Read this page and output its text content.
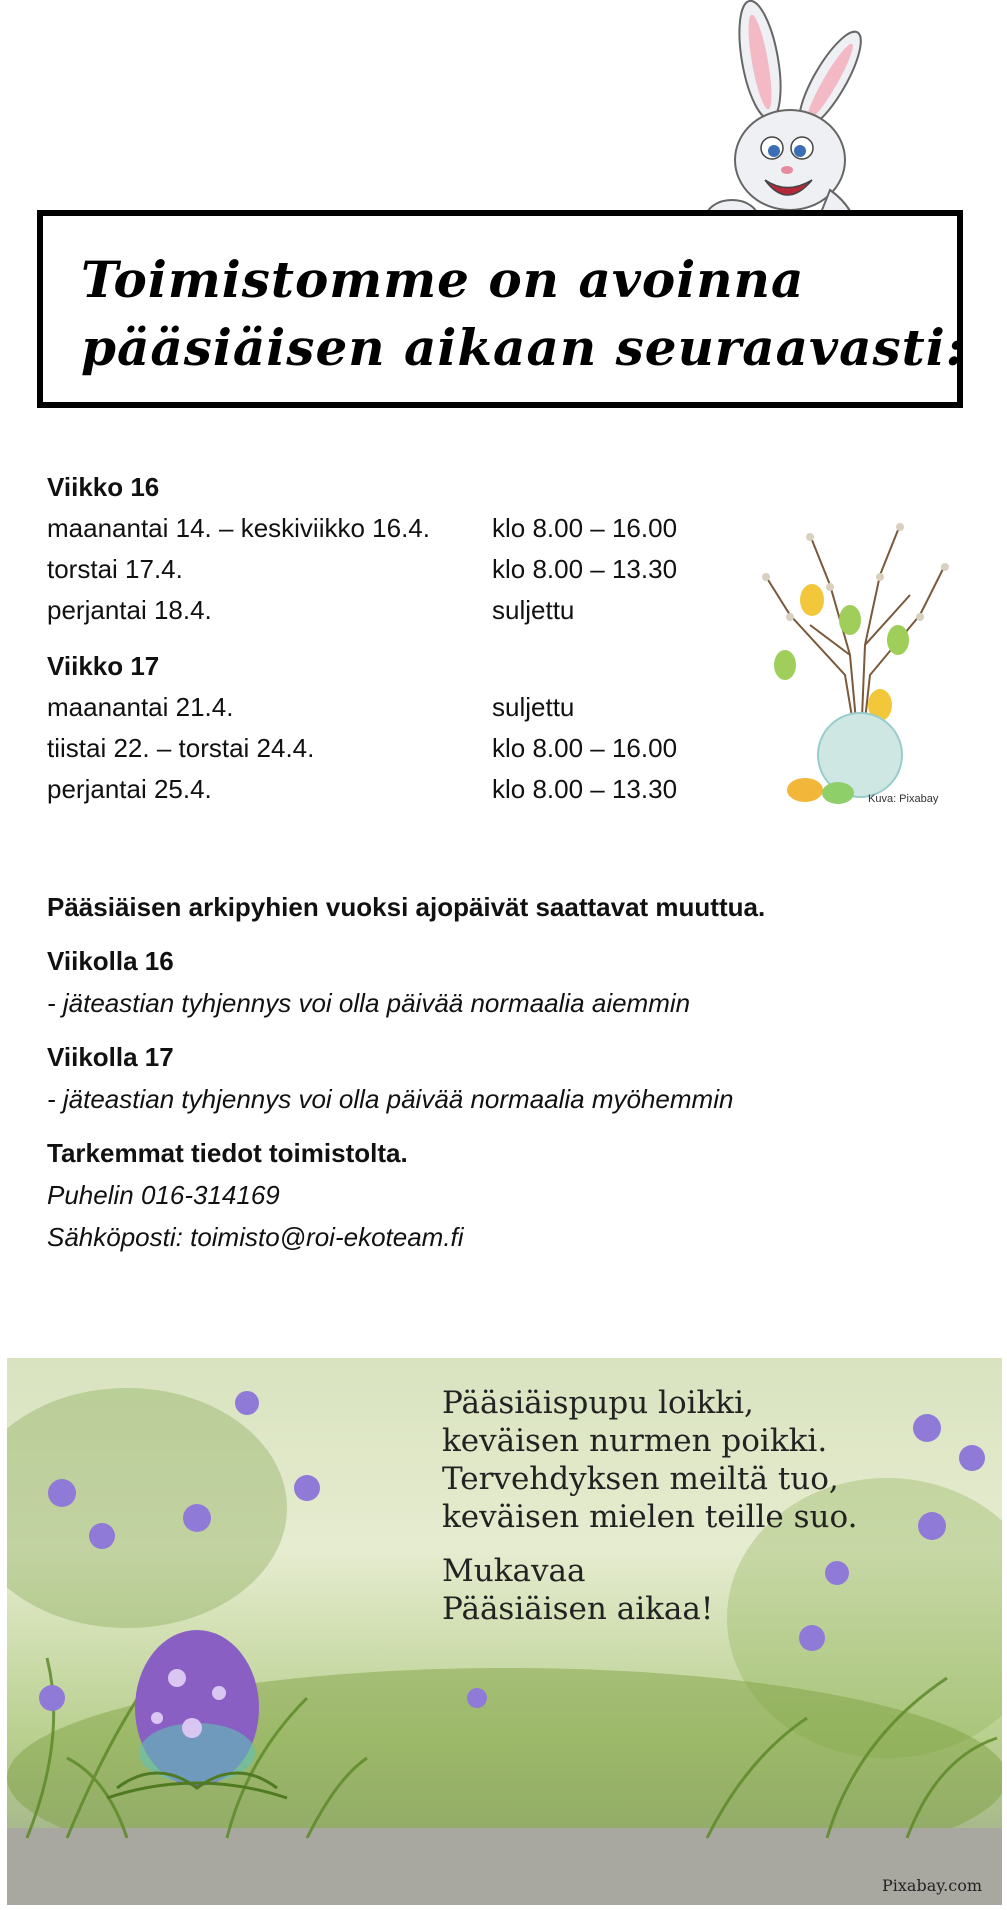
Toimistomme on avoinna
pääsiäisen aikaan seuraavasti:
Viikko 16
maanantai 14. – keskiviikko 16.4. klo 8.00 – 16.00
torstai 17.4.	klo 8.00 – 13.30
perjantai 18.4.	suljettu
Viikko 17
maanantai 21.4.	suljettu
tiistai 22. – torstai 24.4.	klo 8.00 – 16.00
perjantai 25.4.	klo 8.00 – 13.30	Kuva: Pixabay
Pääsiäisen arkipyhien vuoksi ajopäivät saattavat muuttua.
Viikolla 16
- jäteastian tyhjennys voi olla päivää normaalia aiemmin
Viikolla 17
- jäteastian tyhjennys voi olla päivää normaalia myöhemmin
Tarkemmat tiedot toimistolta.
Puhelin 016-314169
Sähköposti: toimisto@roi-ekoteam.fi
Pääsiäispupu loikki,
keväisen nurmen poikki.
Tervehdyksen meiltä tuo,
keväisen mielen teille suo.
Mukavaa
Pääsiäisen aikaa!
Pixabay.com
